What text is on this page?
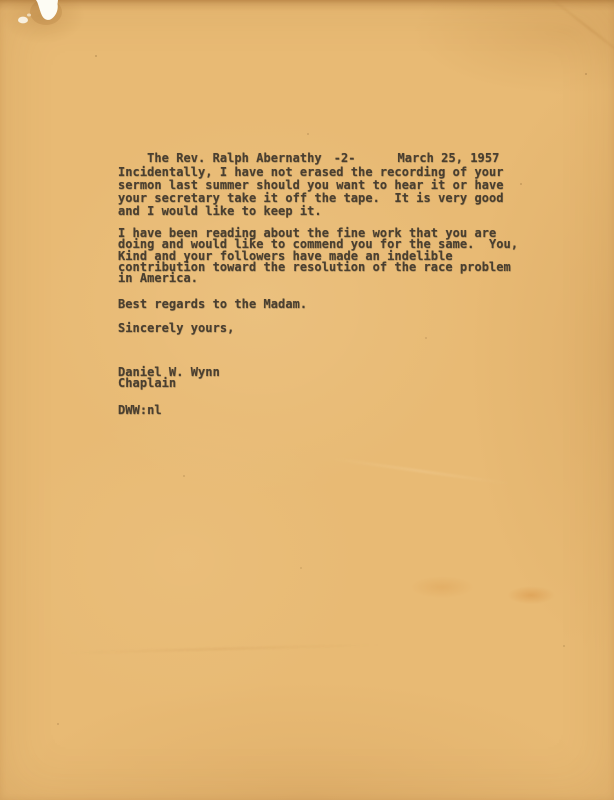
The Rev. Ralph Abernathy -2-	March 25, 1957

Incidentally, I have not erased the recording of your
sermon last summer should you want to hear it or have
your secretary take it off the tape.  It is very good
and I would like to keep it.
I have been reading about the fine work that you are
doing and would like to commend you for the same.  You,
Kind and your followers have made an indelible
contribution toward the resolution of the race problem
in America.
Best regards to the Madam.
Sincerely yours,
Daniel W. Wynn
Chaplain
DWW:nl
